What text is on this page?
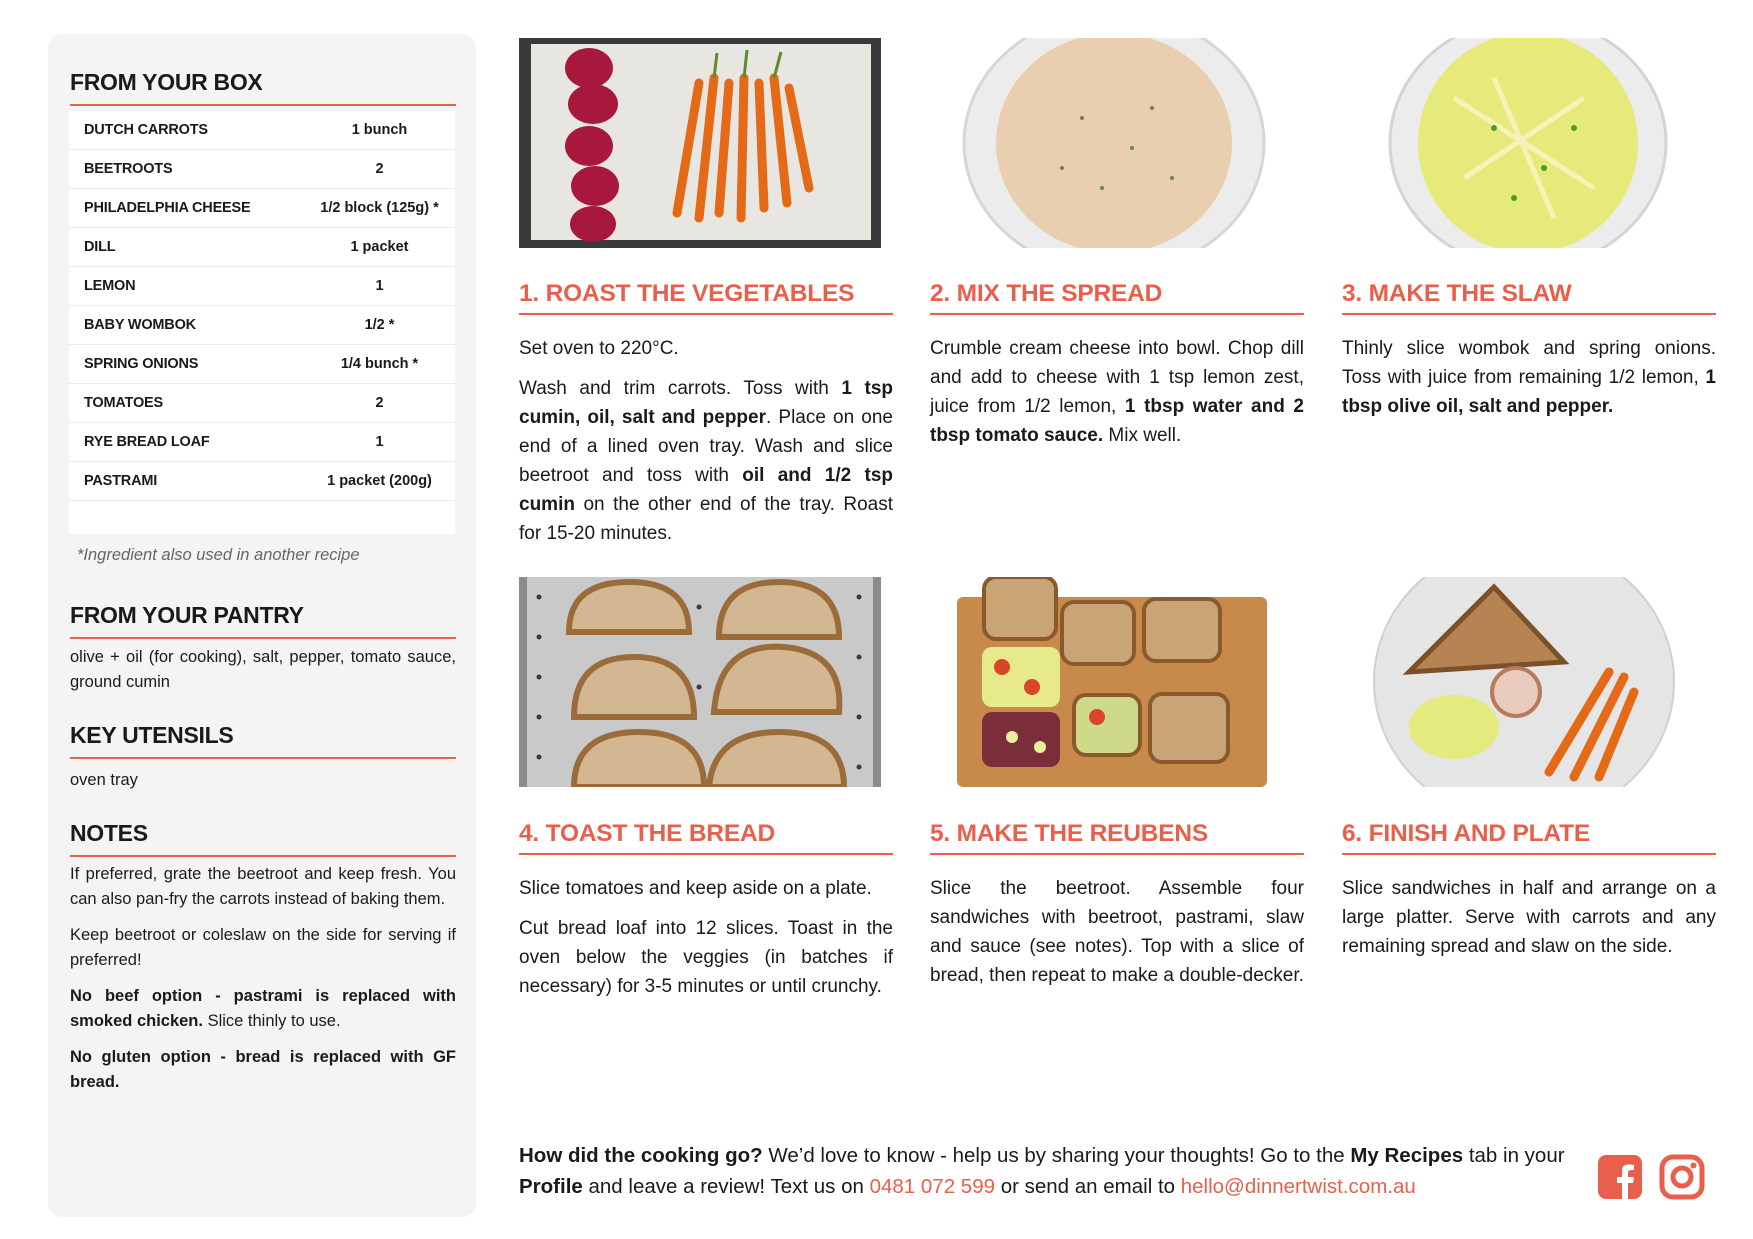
FROM YOUR BOX
DUTCH CARROTS	1 bunch
BEETROOTS	2
PHILADELPHIA CHEESE	1/2 block (125g) *
DILL	1 packet
LEMON	1
BABY WOMBOK	1/2 *
SPRING ONIONS	1/4 bunch *
TOMATOES	2
RYE BREAD LOAF	1
PASTRAMI	1 packet (200g)
*Ingredient also used in another recipe
FROM YOUR PANTRY
olive + oil (for cooking), salt, pepper, tomato sauce, ground cumin
KEY UTENSILS
oven tray
NOTES

If preferred, grate the beetroot and keep fresh. You can also pan-fry the carrots instead of baking them.

Keep beetroot or coleslaw on the side for serving if preferred!

No beef option - pastrami is replaced with smoked chicken. Slice thinly to use.

No gluten option - bread is replaced with GF bread.

1. ROAST THE VEGETABLES

Set oven to 220°C.

Wash and trim carrots. Toss with 1 tsp cumin, oil, salt and pepper. Place on one end of a lined oven tray. Wash and slice beetroot and toss with oil and 1/2 tsp cumin on the other end of the tray. Roast for 15-20 minutes.

2. MIX THE SPREAD

Crumble cream cheese into bowl. Chop dill and add to cheese with 1 tsp lemon zest, juice from 1/2 lemon, 1 tbsp water and 2 tbsp tomato sauce. Mix well.

3. MAKE THE SLAW

Thinly slice wombok and spring onions. Toss with juice from remaining 1/2 lemon, 1 tbsp olive oil, salt and pepper.

4. TOAST THE BREAD

Slice tomatoes and keep aside on a plate.

Cut bread loaf into 12 slices. Toast in the oven below the veggies (in batches if necessary) for 3-5 minutes or until crunchy.

5. MAKE THE REUBENS

Slice the beetroot. Assemble four sandwiches with beetroot, pastrami, slaw and sauce (see notes). Top with a slice of bread, then repeat to make a double-decker.

6. FINISH AND PLATE

Slice sandwiches in half and arrange on a large platter. Serve with carrots and any remaining spread and slaw on the side.

How did the cooking go? We’d love to know - help us by sharing your thoughts! Go to the My Recipes tab in your Profile and leave a review! Text us on 0481 072 599 or send an email to hello@dinnertwist.com.au
